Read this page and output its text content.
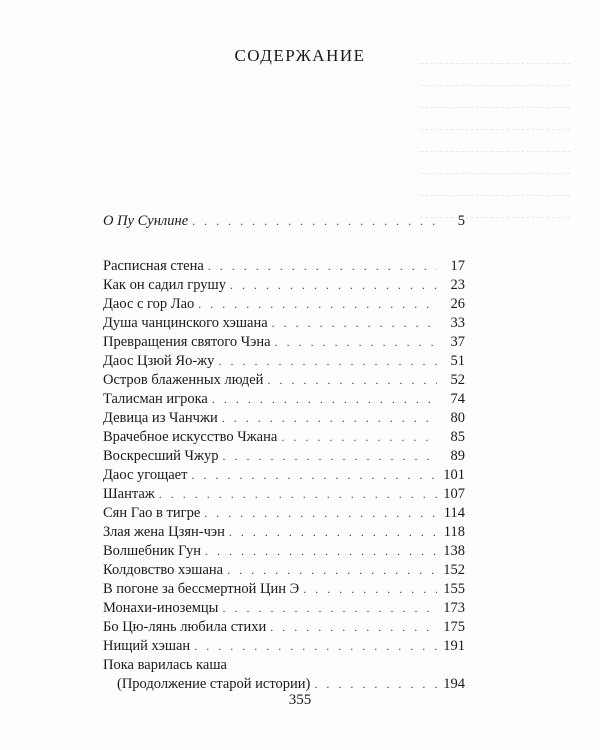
СОДЕРЖАНИЕ
О Пу Сунлине . . .	5
Расписная стена . . .	17
Как он садил грушу . . .	23
Даос с гор Лао . . .	26
Душа чанцинского хэшана . . .	33
Превращения святого Чэна . . .	37
Даос Цзюй Яо-жу . . .	51
Остров блаженных людей . . .	52
Талисман игрока . . .	74
Девица из Чанчжи . . .	80
Врачебное искусство Чжана . . .	85
Воскресший Чжур . . .	89
Даос угощает . . .	101
Шантаж . . .	107
Сян Гао в тигре . . .	114
Злая жена Цзян-чэн . . .	118
Волшебник Гун . . .	138
Колдовство хэшана . . .	152
В погоне за бессмертной Цин Э . . .	155
Монахи-иноземцы . . .	173
Бо Цю-лянь любила стихи . . .	175
Нищий хэшан . . .	191
Пока варилась каша
(Продолжение старой истории) . . .	194
355
